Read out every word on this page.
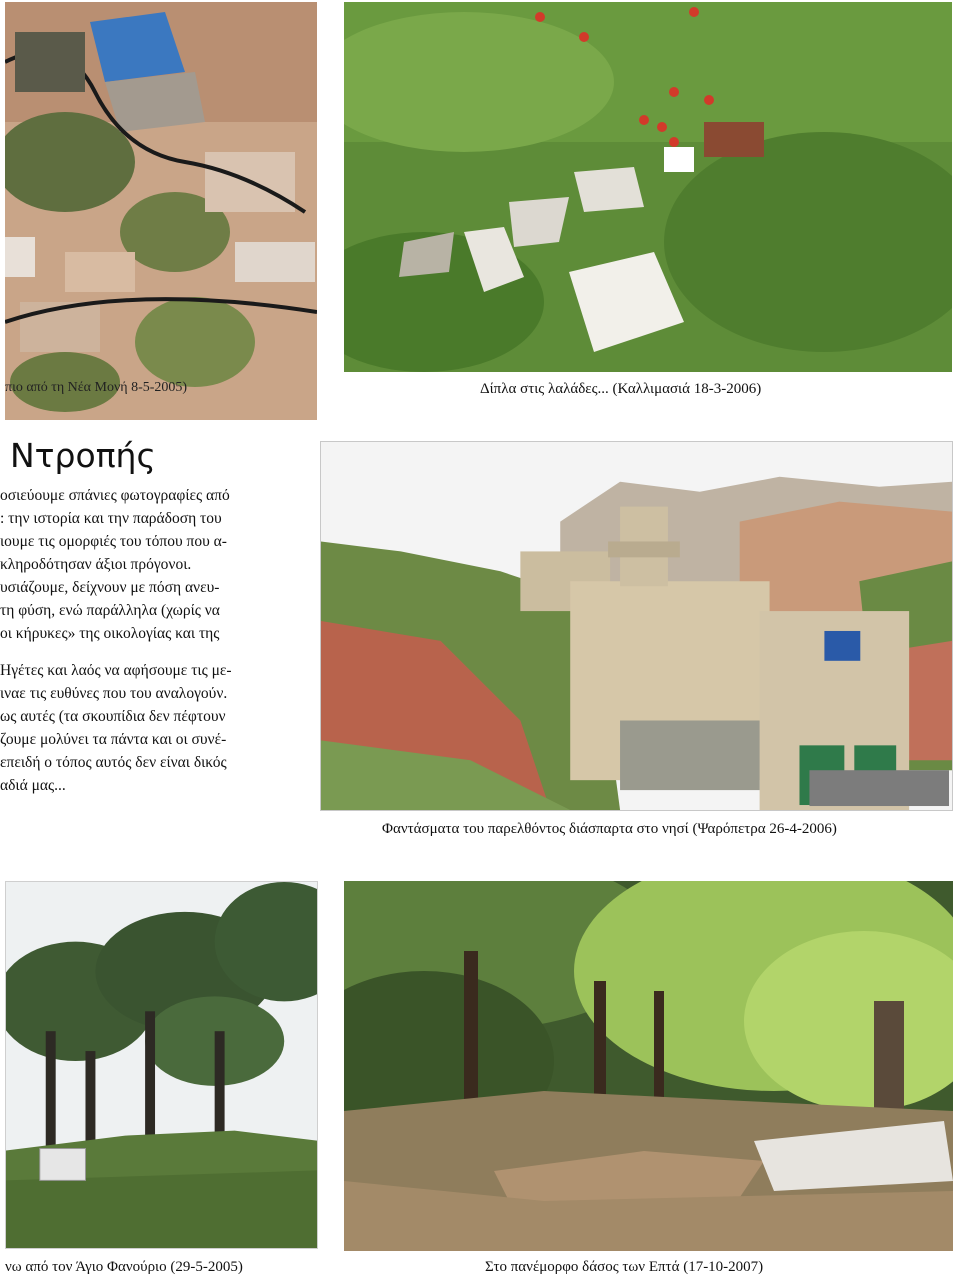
πιο από τη Νέα Μονή 8-5-2005)	Δίπλα στις λαλάδες... (Καλλιμασιά 18-3-2006)
Ντροπής
οσιεύουμε σπάνιες φωτογραφίες από
: την ιστορία και την παράδοση του
ιουμε τις ομορφιές του τόπου που α-
κληροδότησαν άξιοι πρόγονοι.
υσιάζουμε, δείχνουν με πόση ανευ-
τη φύση, ενώ παράλληλα (χωρίς να
οι κήρυκες» της οικολογίας και της
Ηγέτες και λαός να αφήσουμε τις με-
ιναε τις ευθύνες που του αναλογούν.
ως αυτές (τα σκουπίδια δεν πέφτουν
ζουμε μολύνει τα πάντα και οι συνέ-
επειδή ο τόπος αυτός δεν είναι δικός
αδιά μας...
Φαντάσματα του παρελθόντος διάσπαρτα στο νησί (Ψαρόπετρα 26-4-2006)
νω από τον Άγιο Φανούριο (29-5-2005)	Στο πανέμορφο δάσος των Επτά (17-10-2007)
